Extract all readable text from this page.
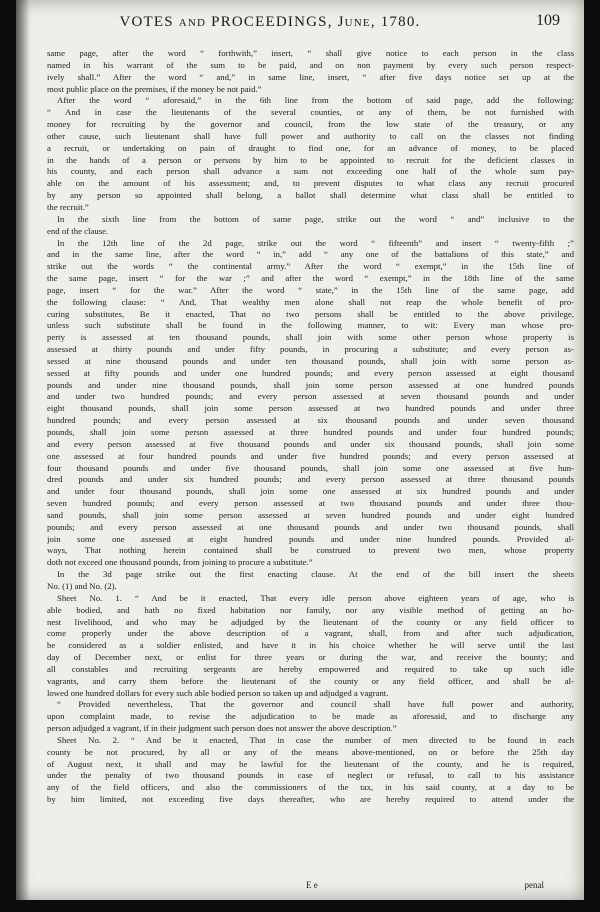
VOTES and PROCEEDINGS, June, 1780.	109
same page, after the word “ forthwith,” insert, “ shall give notice to each person in the class
named in his warrant of the sum to be paid, and on non payment by every such person respect-
ively shall.” After the word “ and,” in same line, insert, “ after five days notice set up at the
most public place on the premises, if the money be not paid.”
After the word “ aforesaid,” in the 6th line from the bottom of said page, add the following:
“ And in case the lieutenants of the several counties, or any of them, be not furnished with
money for recruiting by the governor and council, from the low state of the treasury, or any
other cause, such lieutenant shall have full power and authority to call on the classes not finding
a recruit, or undertaking on pain of draught to find one, for an advance of money, to be placed
in the hands of a person or persons by him to be appointed to recruit for the deficient classes in
his county, and each person shall advance a sum not exceeding one half of the whole sum pay-
able on the amount of his assessment; and, to prevent disputes to what class any recruit procured
by any person so appointed shall belong, a ballot shall determine what class shall be entitled to
the recruit.”
In the sixth line from the bottom of same page, strike out the word “ and” inclusive to the
end of the clause.
In the 12th line of the 2d page, strike out the word “ fifteenth” and insert “ twenty-fifth ;”
and in the same line, after the word “ in,” add “ any one of the battalions of this state,” and
strike out the words “ the continental army.” After the word “ exempt,” in the 15th line of
the same page, insert “ for the war ;” and after the word “ exempt,” in the 18th line of the same
page, insert “ for the war.” After the word “ state,” in the 15th line of the same page, add
the following clause: “ And, That wealthy men alone shall not reap the whole benefit of pro-
curing substitutes, Be it enacted, That no two persons shall be entitled to the above privilege,
unless such substitute shall be found in the following manner, to wit: Every man whose pro-
perty is assessed at ten thousand pounds, shall join with some other person whose property is
assessed at thirty pounds and under fifty pounds, in procuring a substitute; and every person as-
sessed at nine thousand pounds and under ten thousand pounds, shall join with some person as-
sessed at fifty pounds and under one hundred pounds; and every person assessed at eight thousand
pounds and under nine thousand pounds, shall join some person assessed at one hundred pounds
and under two hundred pounds; and every person assessed at seven thousand pounds and under
eight thousand pounds, shall join some person assessed at two hundred pounds and under three
hundred pounds; and every person assessed at six thousand pounds and under seven thousand
pounds, shall join some person assessed at three hundred pounds and under four hundred pounds;
and every person assessed at five thousand pounds and under six thousand pounds, shall join some
one assessed at four hundred pounds and under five hundred pounds; and every person assessed at
four thousand pounds and under five thousand pounds, shall join some one assessed at five hun-
dred pounds and under six hundred pounds; and every person assessed at three thousand pounds
and under four thousand pounds, shall join some one assessed at six hundred pounds and under
seven hundred pounds; and every person assessed at two thousand pounds and under three thou-
sand pounds, shall join some person assessed at seven hundred pounds and under eight hundred
pounds; and every person assessed at one thousand pounds and under two thousand pounds, shall
join some one assessed at eight hundred pounds and under nine hundred pounds. Provided al-
ways, That nothing herein contained shall be construed to prevent two men, whose property
doth not exceed one thousand pounds, from joining to procure a substitute.”
In the 3d page strike out the first enacting clause. At the end of the bill insert the sheets
No. (1) and No. (2).
Sheet No. 1. “ And be it enacted, That every idle person above eighteen years of age, who is
able bodied, and hath no fixed habitation nor family, nor any visible method of getting an ho-
nest livelihood, and who may be adjudged by the lieutenant of the county or any field officer to
come properly under the above description of a vagrant, shall, from and after such adjudication,
be considered as a soldier enlisted, and have it in his choice whether he will serve until the last
day of December next, or enlist for three years or during the war, and receive the bounty; and
all constables and recruiting sergeants are hereby empowered and required to take up such idle
vagrants, and carry them before the lieutenant of the county or any field officer, and shall be al-
lowed one hundred dollars for every such able bodied person so taken up and adjudged a vagrant.
“ Provided nevertheless, That the governor and council shall have full power and authority,
upon complaint made, to revise the adjudication to be made as aforesaid, and to discharge any
person adjudged a vagrant, if in their judgment such person does not answer the above description.”
Sheet No. 2. “ And be it enacted, That in case the number of men directed to be found in each
county be not procured, by all or any of the means above-mentioned, on or before the 25th day
of August next, it shall and may be lawful for the lieutenant of the county, and he is required,
under the penalty of two thousand pounds in case of neglect or refusal, to call to his assistance
any of the field officers, and also the commissioners of the tax, in his said county, at a day to be
by him limited, not exceeding five days thereafter, who are hereby required to attend under the
E e	penal
